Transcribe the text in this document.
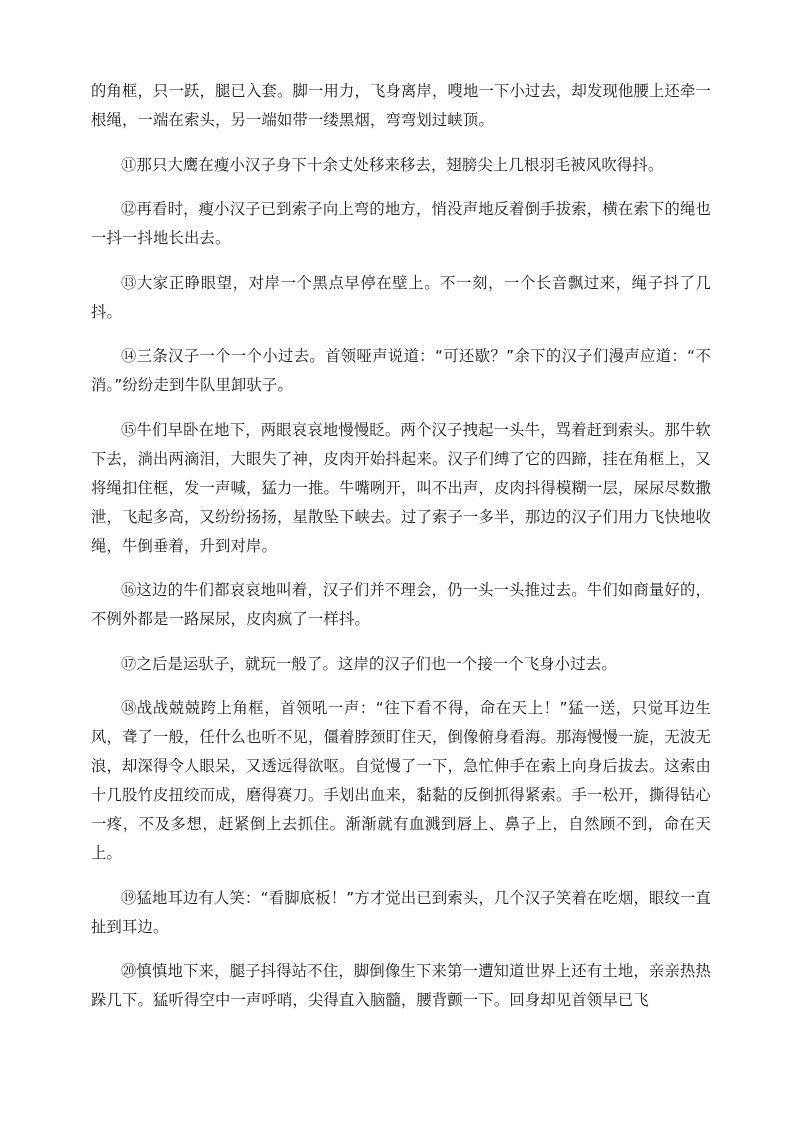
的角框，只一跃，腿已入套。脚一用力，飞身离岸，嗖地一下小过去，却发现他腰上还牵一根绳，一端在索头，另一端如带一缕黑烟，弯弯划过峡顶。

⑪那只大鹰在瘦小汉子身下十余丈处移来移去，翅膀尖上几根羽毛被风吹得抖。

⑫再看时，瘦小汉子已到索子向上弯的地方，悄没声地反着倒手拔索，横在索下的绳也一抖一抖地长出去。

⑬大家正睁眼望，对岸一个黑点早停在壁上。不一刻，一个长音飘过来，绳子抖了几抖。

⑭三条汉子一个一个小过去。首领哑声说道：“可还歇？”余下的汉子们漫声应道：“不消。”纷纷走到牛队里卸驮子。

⑮牛们早卧在地下，两眼哀哀地慢慢眨。两个汉子拽起一头牛，骂着赶到索头。那牛软下去，淌出两滴泪，大眼失了神，皮肉开始抖起来。汉子们缚了它的四蹄，挂在角框上，又将绳扣住框，发一声喊，猛力一推。牛嘴咧开，叫不出声，皮肉抖得模糊一层，屎尿尽数撒泄，飞起多高，又纷纷扬扬，星散坠下峡去。过了索子一多半，那边的汉子们用力飞快地收绳，牛倒垂着，升到对岸。

⑯这边的牛们都哀哀地叫着，汉子们并不理会，仍一头一头推过去。牛们如商量好的，不例外都是一路屎尿，皮肉疯了一样抖。

⑰之后是运驮子，就玩一般了。这岸的汉子们也一个接一个飞身小过去。

⑱战战兢兢跨上角框，首领吼一声：“往下看不得，命在天上！”猛一送，只觉耳边生风，聋了一般，任什么也听不见，僵着脖颈盯住天，倒像俯身看海。那海慢慢一旋，无波无浪，却深得令人眼呆，又透远得欲呕。自觉慢了一下，急忙伸手在索上向身后拔去。这索由十几股竹皮扭绞而成，磨得赛刀。手划出血来，黏黏的反倒抓得紧索。手一松开，撕得钻心一疼，不及多想，赶紧倒上去抓住。渐渐就有血溅到唇上、鼻子上，自然顾不到，命在天上。

⑲猛地耳边有人笑：“看脚底板！”方才觉出已到索头，几个汉子笑着在吃烟，眼纹一直扯到耳边。

⑳慎慎地下来，腿子抖得站不住，脚倒像生下来第一遭知道世界上还有土地，亲亲热热跺几下。猛听得空中一声呼哨，尖得直入脑髓，腰背颤一下。回身却见首领早已飞
